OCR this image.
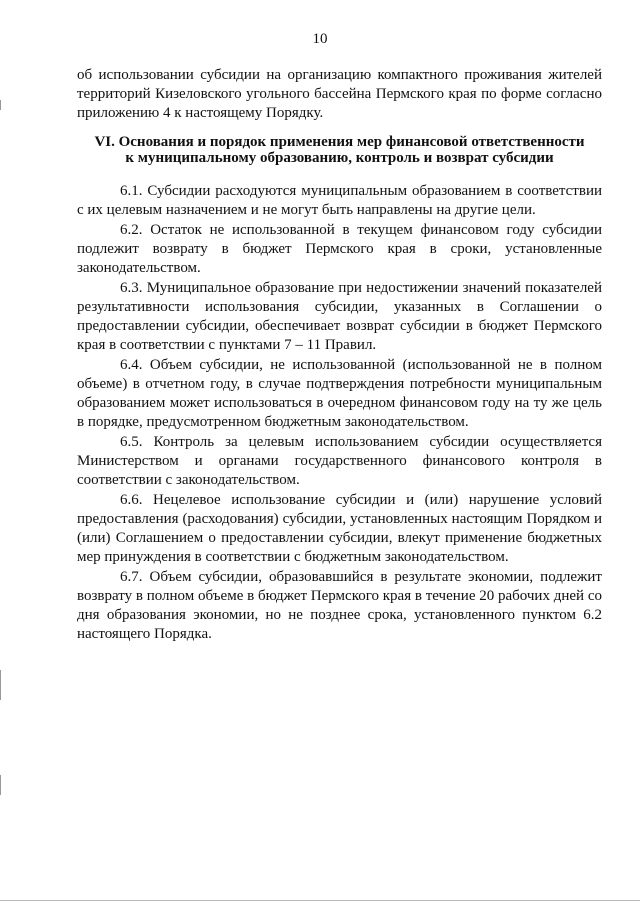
10

об использовании субсидии на организацию компактного проживания жителей территорий Кизеловского угольного бассейна Пермского края по форме согласно приложению 4 к настоящему Порядку.

VI. Основания и порядок применения мер финансовой ответственности
к муниципальному образованию, контроль и возврат субсидии

6.1. Субсидии расходуются муниципальным образованием в соответствии с их целевым назначением и не могут быть направлены на другие цели.

6.2. Остаток не использованной в текущем финансовом году субсидии подлежит возврату в бюджет Пермского края в сроки, установленные законодательством.

6.3. Муниципальное образование при недостижении значений показателей результативности использования субсидии, указанных в Соглашении о предоставлении субсидии, обеспечивает возврат субсидии в бюджет Пермского края в соответствии с пунктами 7 – 11 Правил.

6.4. Объем субсидии, не использованной (использованной не в полном объеме) в отчетном году, в случае подтверждения потребности муниципальным образованием может использоваться в очередном финансовом году на ту же цель в порядке, предусмотренном бюджетным законодательством.

6.5. Контроль за целевым использованием субсидии осуществляется Министерством и органами государственного финансового контроля в соответствии с законодательством.

6.6. Нецелевое использование субсидии и (или) нарушение условий предоставления (расходования) субсидии, установленных настоящим Порядком и (или) Соглашением о предоставлении субсидии, влекут применение бюджетных мер принуждения в соответствии с бюджетным законодательством.

6.7. Объем субсидии, образовавшийся в результате экономии, подлежит возврату в полном объеме в бюджет Пермского края в течение 20 рабочих дней со дня образования экономии, но не позднее срока, установленного пунктом 6.2 настоящего Порядка.
